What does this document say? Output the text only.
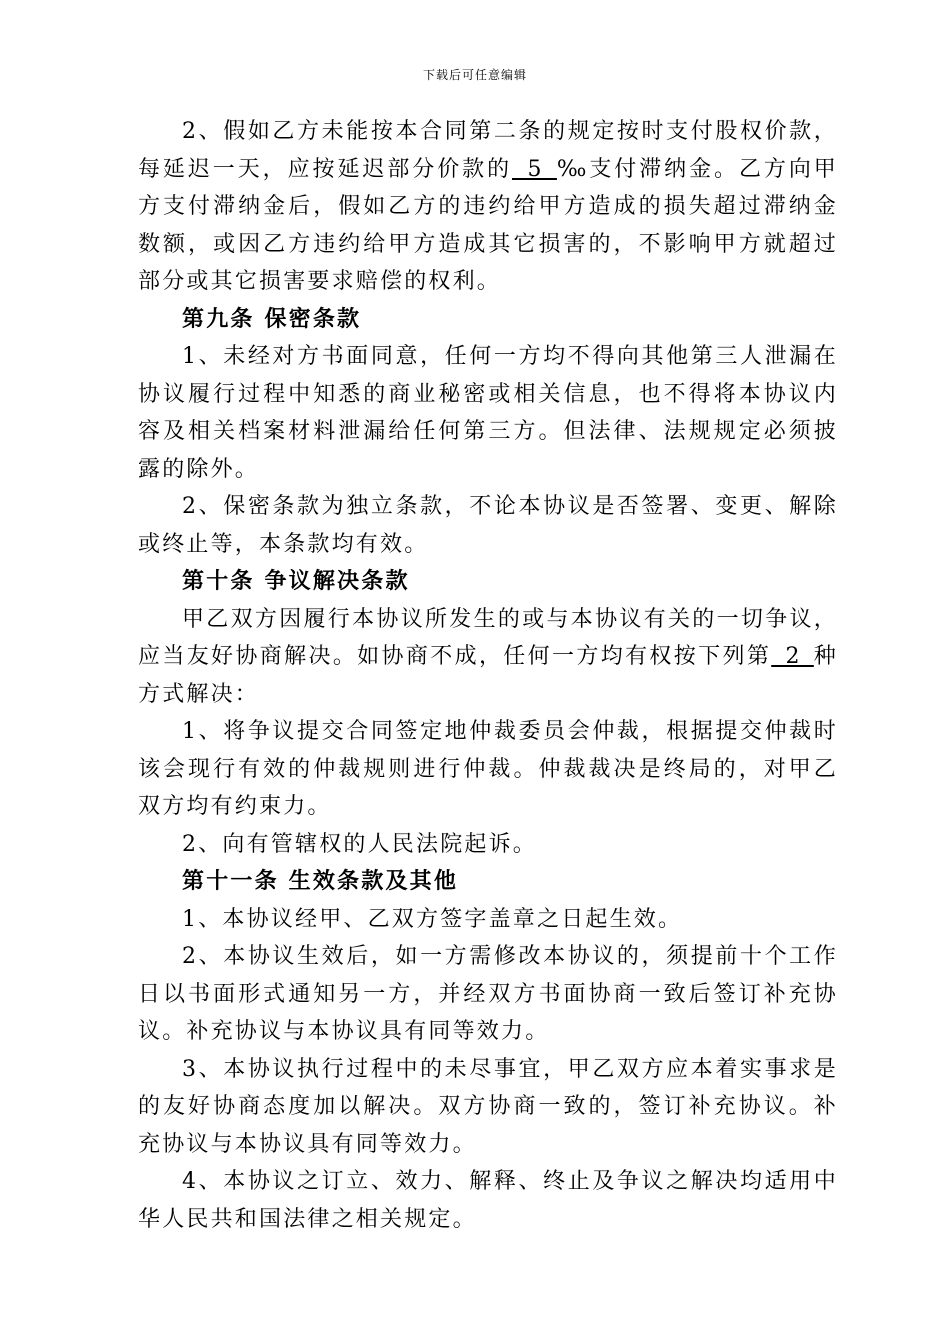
下载后可任意编辑

2、假如乙方未能按本合同第二条的规定按时支付股权价款，每延迟一天，应按延迟部分价款的  5  ‰支付滞纳金。乙方向甲方支付滞纳金后，假如乙方的违约给甲方造成的损失超过滞纳金数额，或因乙方违约给甲方造成其它损害的，不影响甲方就超过部分或其它损害要求赔偿的权利。

第九条 保密条款

1、未经对方书面同意，任何一方均不得向其他第三人泄漏在协议履行过程中知悉的商业秘密或相关信息，也不得将本协议内容及相关档案材料泄漏给任何第三方。但法律、法规规定必须披露的除外。

2、保密条款为独立条款，不论本协议是否签署、变更、解除或终止等，本条款均有效。

第十条 争议解决条款

甲乙双方因履行本协议所发生的或与本协议有关的一切争议，应当友好协商解决。如协商不成，任何一方均有权按下列第  2  种方式解决：

1、将争议提交合同签定地仲裁委员会仲裁，根据提交仲裁时该会现行有效的仲裁规则进行仲裁。仲裁裁决是终局的，对甲乙双方均有约束力。

2、向有管辖权的人民法院起诉。

第十一条 生效条款及其他

1、本协议经甲、乙双方签字盖章之日起生效。

2、本协议生效后，如一方需修改本协议的，须提前十个工作日以书面形式通知另一方，并经双方书面协商一致后签订补充协议。补充协议与本协议具有同等效力。

3、本协议执行过程中的未尽事宜，甲乙双方应本着实事求是的友好协商态度加以解决。双方协商一致的，签订补充协议。补充协议与本协议具有同等效力。

4、本协议之订立、效力、解释、终止及争议之解决均适用中华人民共和国法律之相关规定。
